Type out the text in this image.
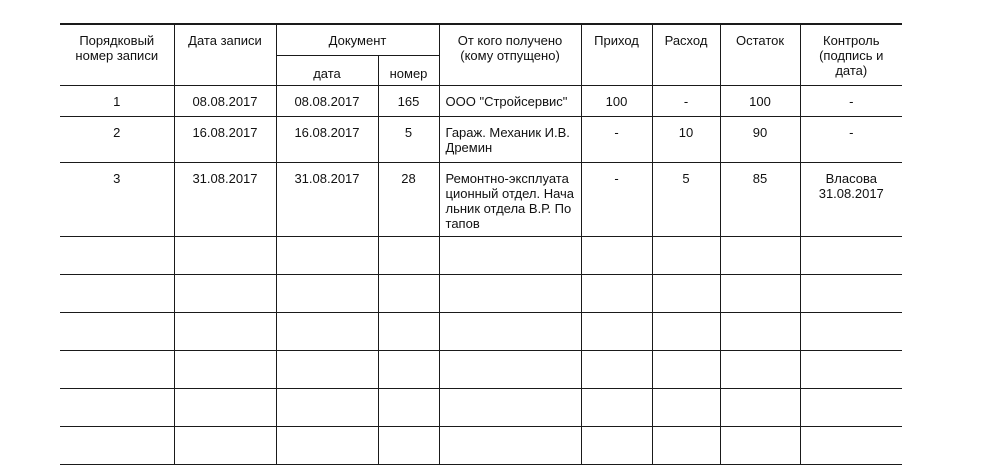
Порядковый номер записи	Дата записи	Документ		От кого получено (кому отпущено)	Приход	Расход	Остаток	Контроль (подпись и дата)
		дата	номер					
1	08.08.2017	08.08.2017	165	ООО "Стройсервис"	100	-	100	-
2	16.08.2017	16.08.2017	5	Гараж. Механик И.В. Дремин	-	10	90	-
3	31.08.2017	31.08.2017	28	Ремонтно-эксплуата ционный отдел. Начальник отдела В.Р. Потапов	-	5	85	Власова 31.08.2017
